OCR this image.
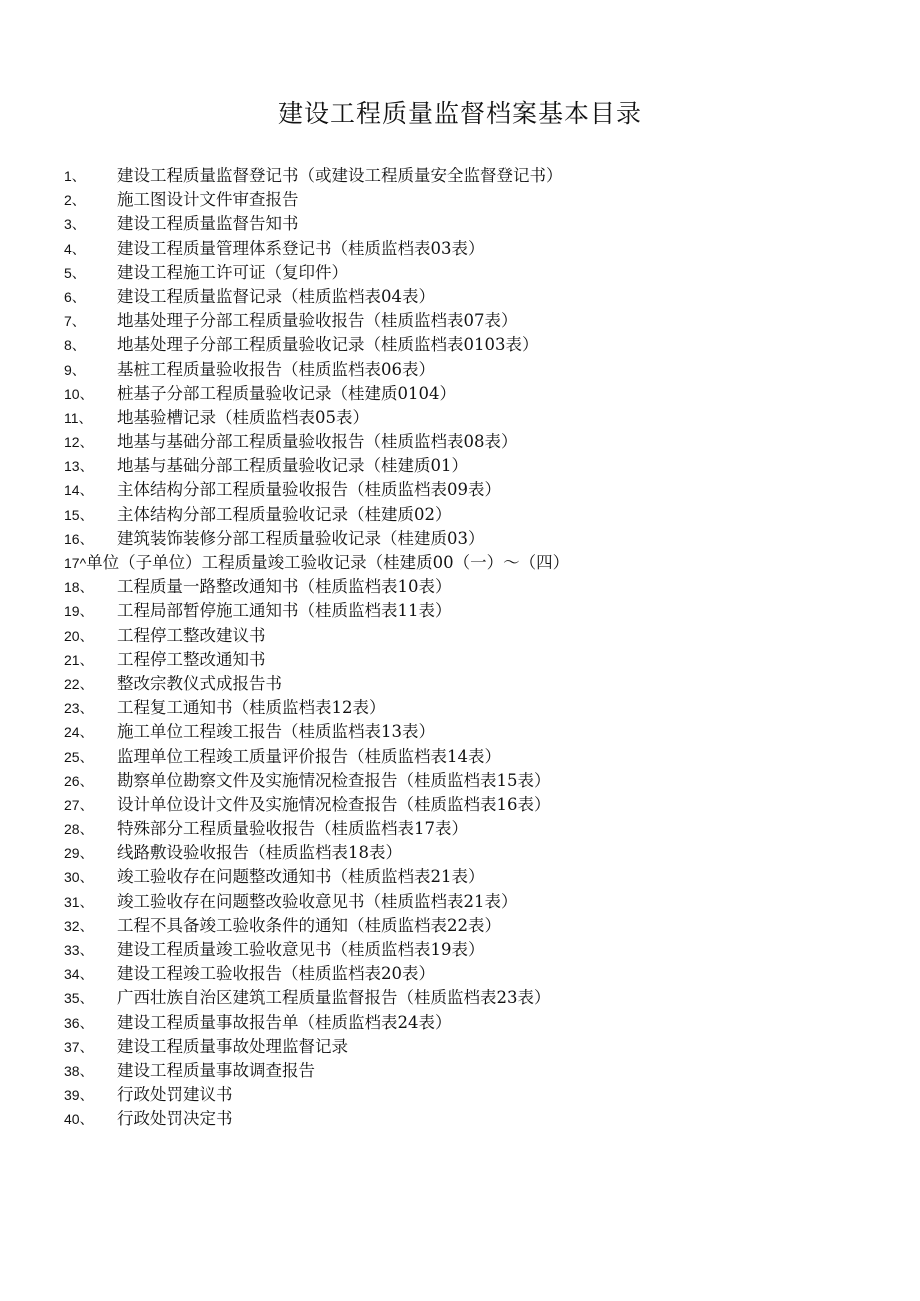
建设工程质量监督档案基本目录
1、	建设工程质量监督登记书（或建设工程质量安全监督登记书）
2、	施工图设计文件审查报告
3、	建设工程质量监督告知书
4、	建设工程质量管理体系登记书（桂质监档表03表）
5、	建设工程施工许可证（复印件）
6、	建设工程质量监督记录（桂质监档表04表）
7、	地基处理子分部工程质量验收报告（桂质监档表07表）
8、	地基处理子分部工程质量验收记录（桂质监档表0103表）
9、	基桩工程质量验收报告（桂质监档表06表）
10、	桩基子分部工程质量验收记录（桂建质0104）
11、	地基验槽记录（桂质监档表05表）
12、	地基与基础分部工程质量验收报告（桂质监档表08表）
13、	地基与基础分部工程质量验收记录（桂建质01）
14、	主体结构分部工程质量验收报告（桂质监档表09表）
15、	主体结构分部工程质量验收记录（桂建质02）
16、	建筑装饰装修分部工程质量验收记录（桂建质03）
17^ 单位（子单位）工程质量竣工验收记录（桂建质00（一）～（四）
18、	工程质量一路整改通知书（桂质监档表10表）
19、	工程局部暂停施工通知书（桂质监档表11表）
20、	工程停工整改建议书
21、	工程停工整改通知书
22、	整改宗教仪式成报告书
23、	工程复工通知书（桂质监档表12表）
24、	施工单位工程竣工报告（桂质监档表13表）
25、	监理单位工程竣工质量评价报告（桂质监档表14表）
26、	勘察单位勘察文件及实施情况检查报告（桂质监档表15表）
27、	设计单位设计文件及实施情况检查报告（桂质监档表16表）
28、	特殊部分工程质量验收报告（桂质监档表17表）
29、	线路敷设验收报告（桂质监档表18表）
30、	竣工验收存在问题整改通知书（桂质监档表21表）
31、	竣工验收存在问题整改验收意见书（桂质监档表21表）
32、	工程不具备竣工验收条件的通知（桂质监档表22表）
33、	建设工程质量竣工验收意见书（桂质监档表19表）
34、	建设工程竣工验收报告（桂质监档表20表）
35、	广西壮族自治区建筑工程质量监督报告（桂质监档表23表）
36、	建设工程质量事故报告单（桂质监档表24表）
37、	建设工程质量事故处理监督记录
38、	建设工程质量事故调查报告
39、	行政处罚建议书
40、	行政处罚决定书
